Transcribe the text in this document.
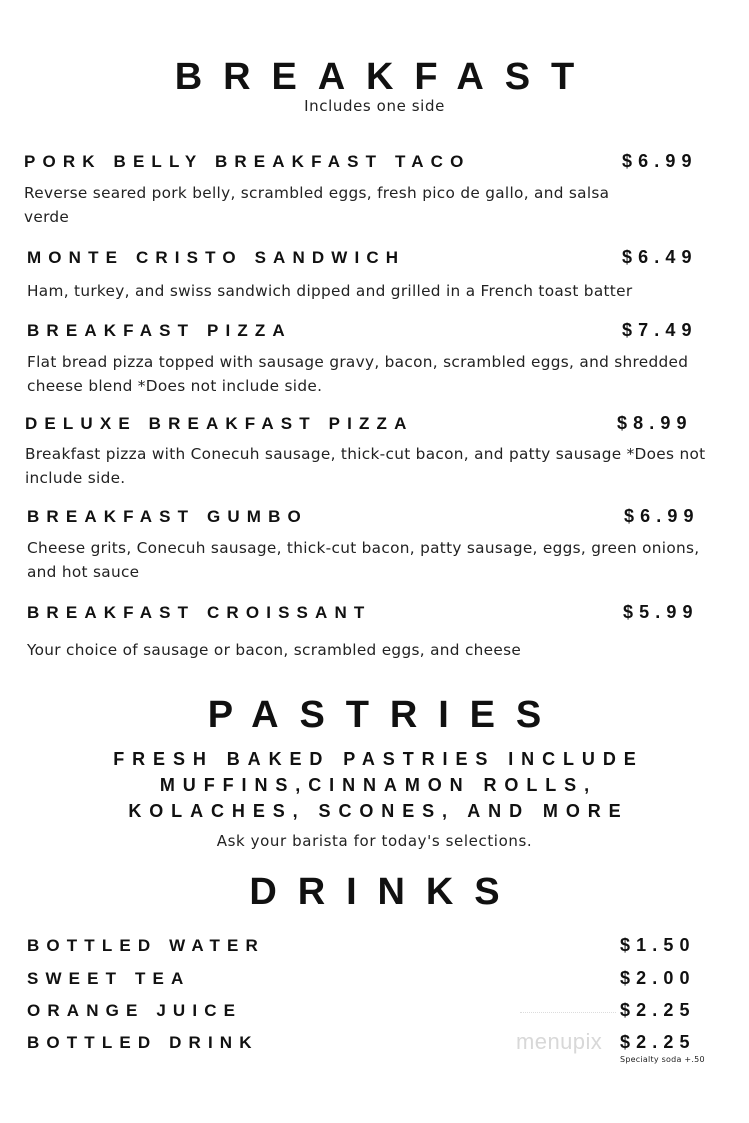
BREAKFAST
Includes one side
PORK BELLY BREAKFAST TACO	$6.99
Reverse seared pork belly, scrambled eggs, fresh pico de gallo, and salsa verde
MONTE CRISTO SANDWICH	$6.49
Ham, turkey, and swiss sandwich dipped and grilled in a French toast batter
BREAKFAST PIZZA	$7.49
Flat bread pizza topped with sausage gravy, bacon, scrambled eggs, and shredded cheese blend *Does not include side.
DELUXE BREAKFAST PIZZA	$8.99
Breakfast pizza with Conecuh sausage, thick-cut bacon, and patty sausage *Does not include side.
BREAKFAST GUMBO	$6.99
Cheese grits, Conecuh sausage, thick-cut bacon, patty sausage, eggs, green onions, and hot sauce
BREAKFAST CROISSANT	$5.99
Your choice of sausage or bacon, scrambled eggs, and cheese
PASTRIES
FRESH BAKED PASTRIES INCLUDE
MUFFINS,CINNAMON ROLLS,
KOLACHES, SCONES, AND MORE
Ask your barista for today's selections.
DRINKS
BOTTLED WATER	$1.50
SWEET TEA	$2.00
ORANGE JUICE	$2.25
BOTTLED DRINK	$2.25
menupix
Specialty soda +.50
